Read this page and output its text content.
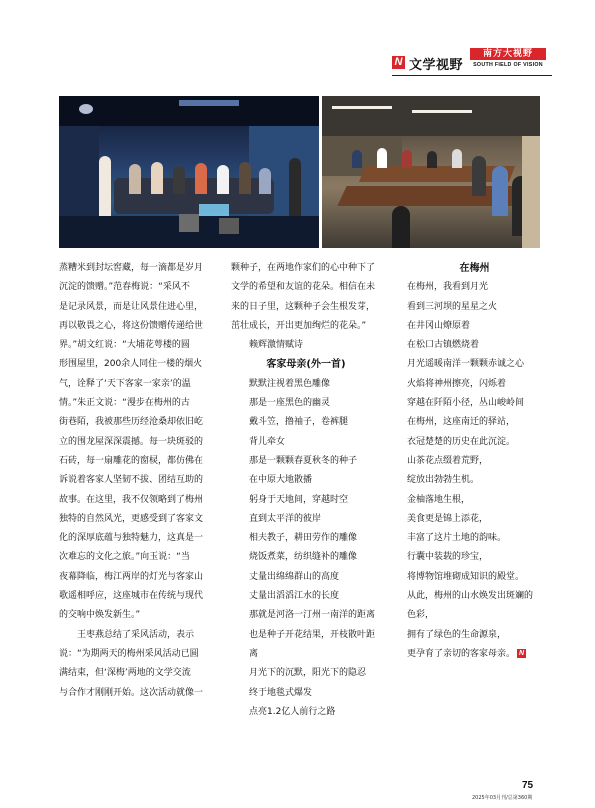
N 文学视野
南方大视野
SOUTH FIELD OF VISION

蒸糟米到封坛窖藏，每一滴都是岁月

沉淀的馈赠。”范春梅说：“采风不

是记录风景，而是让风景住进心里，

再以敬畏之心，将这份馈赠传递给世

界。”胡文红说：“大埔花萼楼的圆

形围屋里，200余人同住一楼的烟火

气，诠释了‘天下客家一家亲’的温

情。”朱正文说：“漫步在梅州的古

街巷陌，我被那些历经沧桑却依旧屹

立的围龙屋深深震撼。每一块斑驳的

石砖，每一扇雕花的窗棂，都仿佛在

诉说着客家人坚韧不拔、团结互助的

故事。在这里，我不仅领略到了梅州

独特的自然风光，更感受到了客家文

化的深厚底蕴与独特魅力，这真是一

次难忘的文化之旅。”向玉说：“当

夜幕降临，梅江两岸的灯光与客家山

歌遥相呼应，这座城市在传统与现代

的交响中焕发新生。”

王枣燕总结了采风活动，表示

说：“为期两天的梅州采风活动已圆

满结束，但‘深梅’两地的文学交流

与合作才刚刚开始。这次活动就像一

颗种子，在两地作家们的心中种下了

文学的希望和友谊的花朵。相信在未

来的日子里，这颗种子会生根发芽，

茁壮成长，开出更加绚烂的花朵。”

赖辉激情赋诗

客家母亲(外一首)

默默注视着黑色雕像

那是一座黑色的幽灵

戴斗笠，撸袖子，卷裤腿

背儿牵女

那是一颗颗春夏秋冬的种子

在中原大地散播

躬身于天地间，穿越时空

直到太平洋的彼岸

相夫教子，耕田劳作的雕像

烧饭煮菜，纺织缝补的雕像

丈量出绵绵群山的高度

丈量出滔滔江水的长度

那就是河洛一汀州一南洋的距离

也是种子开花结果，开枝散叶距离

月光下的沉默，阳光下的隐忍

终于地毯式爆发

点亮1.2亿人前行之路

在梅州

在梅州，我看到月光

看到三河坝的星星之火

在井冈山燎原着

在松口古镇燃烧着

月光遥暖南洋一颗颗赤诚之心

火焰将神州擦亮，闪烁着

穿越在阡陌小径，丛山峻岭间

在梅州，这座南迁的驿站，

衣冠楚楚的历史在此沉淀。

山茶花点缀着荒野，

绽放出勃勃生机。

金柚落地生根，

美食更是锦上添花，

丰富了这片土地的韵味。

行囊中装载的珍宝，

将博物馆堆砌成知识的殿堂。

从此，梅州的山水焕发出斑斓的

色彩，

拥有了绿色的生命源泉，

更孕育了亲切的客家母亲。 N

75
2025年03月刊/总第360期
